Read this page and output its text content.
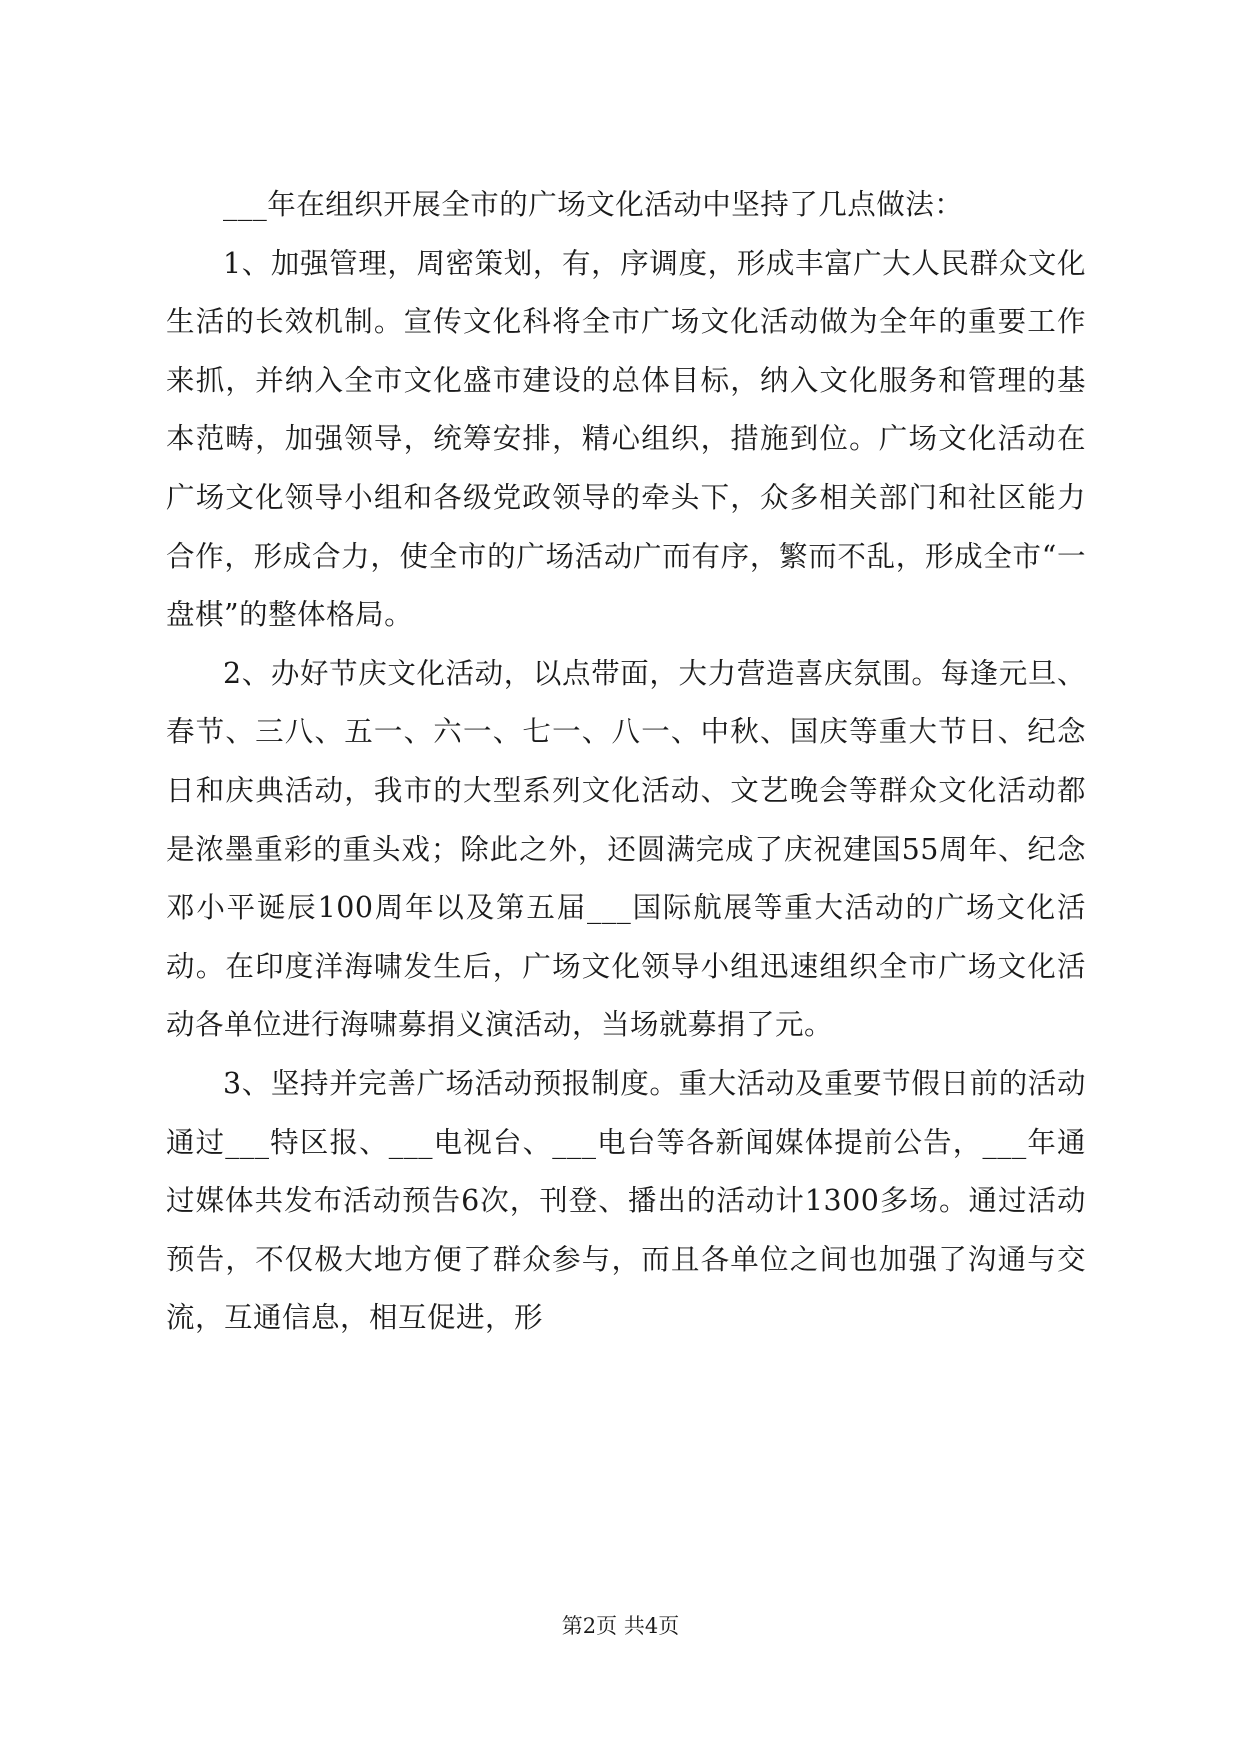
___年在组织开展全市的广场文化活动中坚持了几点做法：

1、加强管理，周密策划，有，序调度，形成丰富广大人民群众文化生活的长效机制。宣传文化科将全市广场文化活动做为全年的重要工作来抓，并纳入全市文化盛市建设的总体目标，纳入文化服务和管理的基本范畴，加强领导，统筹安排，精心组织，措施到位。广场文化活动在广场文化领导小组和各级党政领导的牵头下，众多相关部门和社区能力合作，形成合力，使全市的广场活动广而有序，繁而不乱，形成全市“一盘棋”的整体格局。

2、办好节庆文化活动，以点带面，大力营造喜庆氛围。每逢元旦、春节、三八、五一、六一、七一、八一、中秋、国庆等重大节日、纪念日和庆典活动，我市的大型系列文化活动、文艺晚会等群众文化活动都是浓墨重彩的重头戏；除此之外，还圆满完成了庆祝建国55周年、纪念邓小平诞辰100周年以及第五届___国际航展等重大活动的广场文化活动。在印度洋海啸发生后，广场文化领导小组迅速组织全市广场文化活动各单位进行海啸募捐义演活动，当场就募捐了元。

3、坚持并完善广场活动预报制度。重大活动及重要节假日前的活动通过___特区报、___电视台、___电台等各新闻媒体提前公告，___年通过媒体共发布活动预告6次，刊登、播出的活动计1300多场。通过活动预告，不仅极大地方便了群众参与，而且各单位之间也加强了沟通与交流，互通信息，相互促进，形

第2页 共4页
